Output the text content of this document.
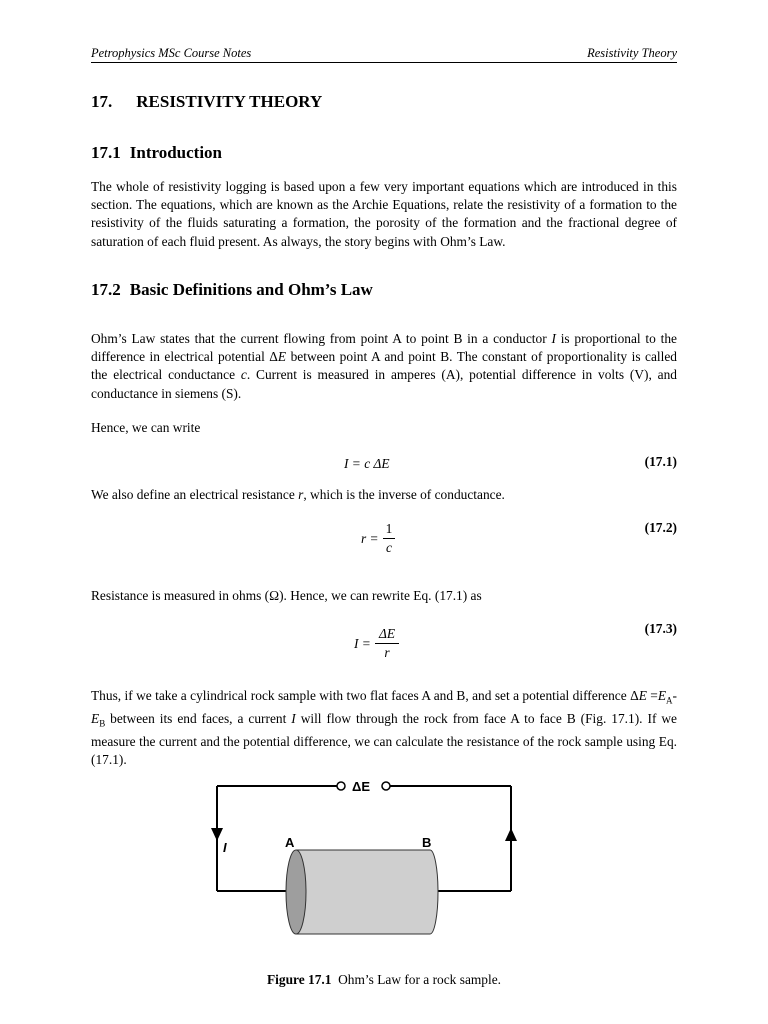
Petrophysics MSc Course Notes	Resistivity Theory
17. RESISTIVITY THEORY
17.1 Introduction
The whole of resistivity logging is based upon a few very important equations which are introduced in this section. The equations, which are known as the Archie Equations, relate the resistivity of a formation to the resistivity of the fluids saturating a formation, the porosity of the formation and the fractional degree of saturation of each fluid present. As always, the story begins with Ohm’s Law.
17.2 Basic Definitions and Ohm’s Law
Ohm’s Law states that the current flowing from point A to point B in a conductor I is proportional to the difference in electrical potential ΔE between point A and point B. The constant of proportionality is called the electrical conductance c. Current is measured in amperes (A), potential difference in volts (V), and conductance in siemens (S).
Hence, we can write
I = c ΔE	(17.1)
We also define an electrical resistance r, which is the inverse of conductance.
r =
1
c
(17.2)
Resistance is measured in ohms (Ω). Hence, we can rewrite Eq. (17.1) as
I =
ΔE
r
(17.3)
Thus, if we take a cylindrical rock sample with two flat faces A and B, and set a potential difference $\Delta E =E_A-E_B$ between its end faces, a current I will flow through the rock from face A to face B (Fig. 17.1). If we measure the current and the potential difference, we can calculate the resistance of the rock sample using Eq. (17.1).
ΔE
I	A	B
Figure 17.1  Ohm’s Law for a rock sample.
